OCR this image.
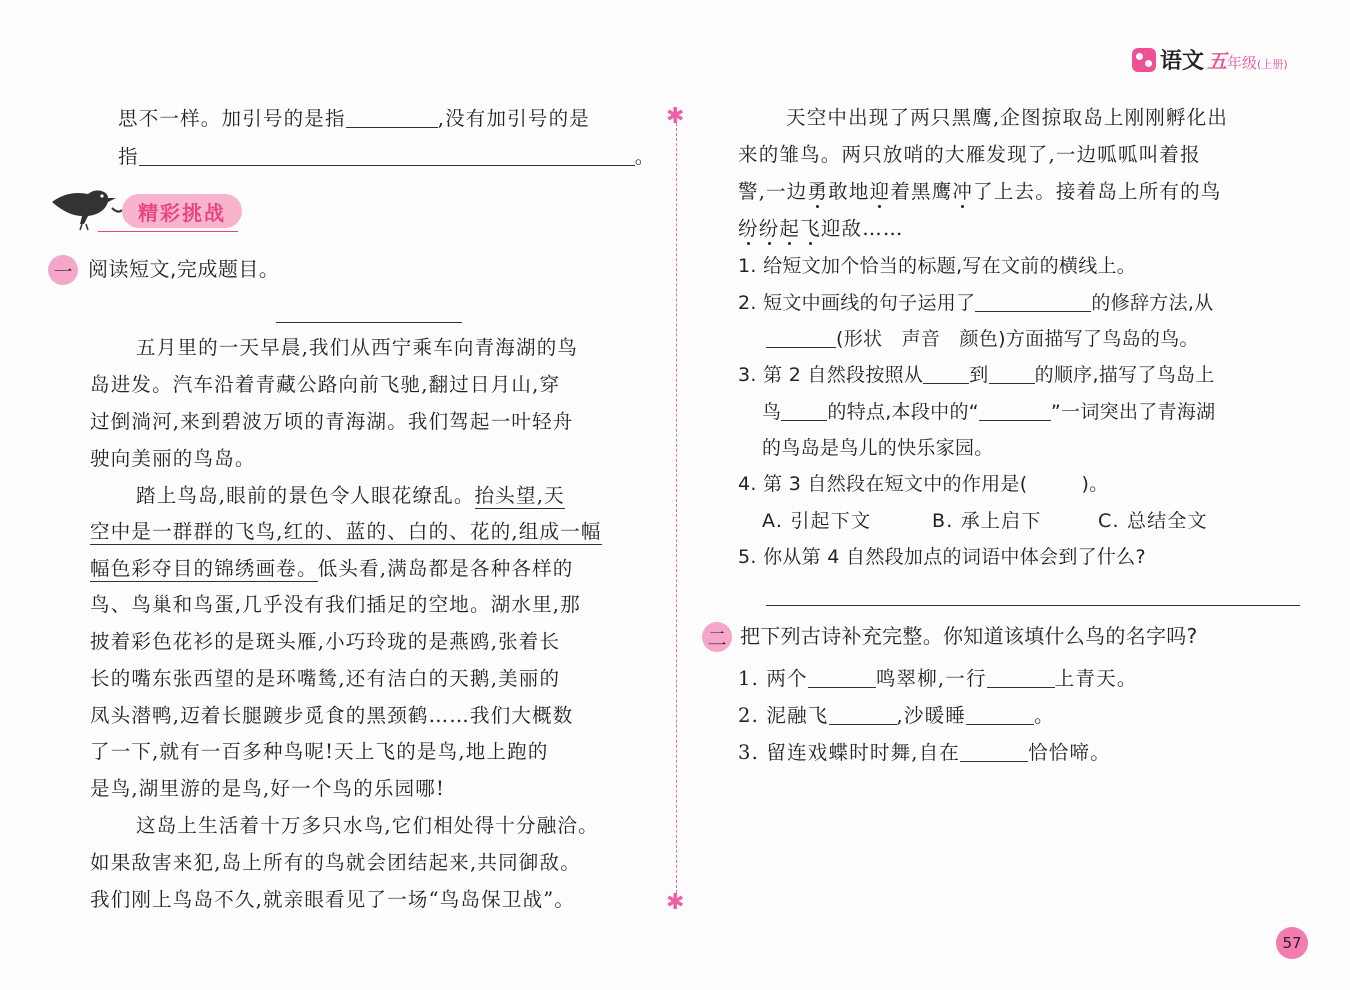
语文 五 年级 (上册)
✱
✱
思不一样。加引号的是指	,没有加引号的是
指	。
精彩挑战
一 阅读短文,完成题目。
五月里的一天早晨,我们从西宁乘车向青海湖的鸟
岛进发。汽车沿着青藏公路向前飞驰,翻过日月山,穿
过倒淌河,来到碧波万顷的青海湖。我们驾起一叶轻舟
驶向美丽的鸟岛。
踏上鸟岛,眼前的景色令人眼花缭乱。抬头望,天
空中是一群群的飞鸟,红的、蓝的、白的、花的,组成一幅
幅色彩夺目的锦绣画卷。低头看,满岛都是各种各样的
鸟、鸟巢和鸟蛋,几乎没有我们插足的空地。湖水里,那
披着彩色花衫的是斑头雁,小巧玲珑的是燕鸥,张着长
长的嘴东张西望的是环嘴鸶,还有洁白的天鹅,美丽的
凤头潜鸭,迈着长腿踱步觅食的黑颈鹤……我们大概数
了一下,就有一百多种鸟呢!天上飞的是鸟,地上跑的
是鸟,湖里游的是鸟,好一个鸟的乐园哪!
这岛上生活着十万多只水鸟,它们相处得十分融洽。
如果敌害来犯,岛上所有的鸟就会团结起来,共同御敌。
我们刚上鸟岛不久,就亲眼看见了一场“鸟岛保卫战”。
天空中出现了两只黑鹰,企图掠取岛上刚刚孵化出
来的雏鸟。两只放哨的大雁发现了,一边呱呱叫着报
警,一边勇敢地迎着黑鹰冲了上去。接着岛上所有的鸟
纷纷起飞迎敌……
1. 给短文加个恰当的标题,写在文前的横线上。
2. 短文中画线的句子运用了	的修辞方法,从
(形状　声音　颜色)方面描写了鸟岛的鸟。
3. 第 2 自然段按照从 到 的顺序,描写了鸟岛上
鸟 的特点,本段中的“	”一词突出了青海湖
的鸟岛是鸟儿的快乐家园。
4. 第 3 自然段在短文中的作用是(	)。
A. 引起下文	B. 承上启下	C. 总结全文
5. 你从第 4 自然段加点的词语中体会到了什么?
二 把下列古诗补充完整。你知道该填什么鸟的名字吗?
1. 两个	鸣翠柳,一行	上青天。
2. 泥融飞	,沙暖睡	。
3. 留连戏蝶时时舞,自在	恰恰啼。
57
